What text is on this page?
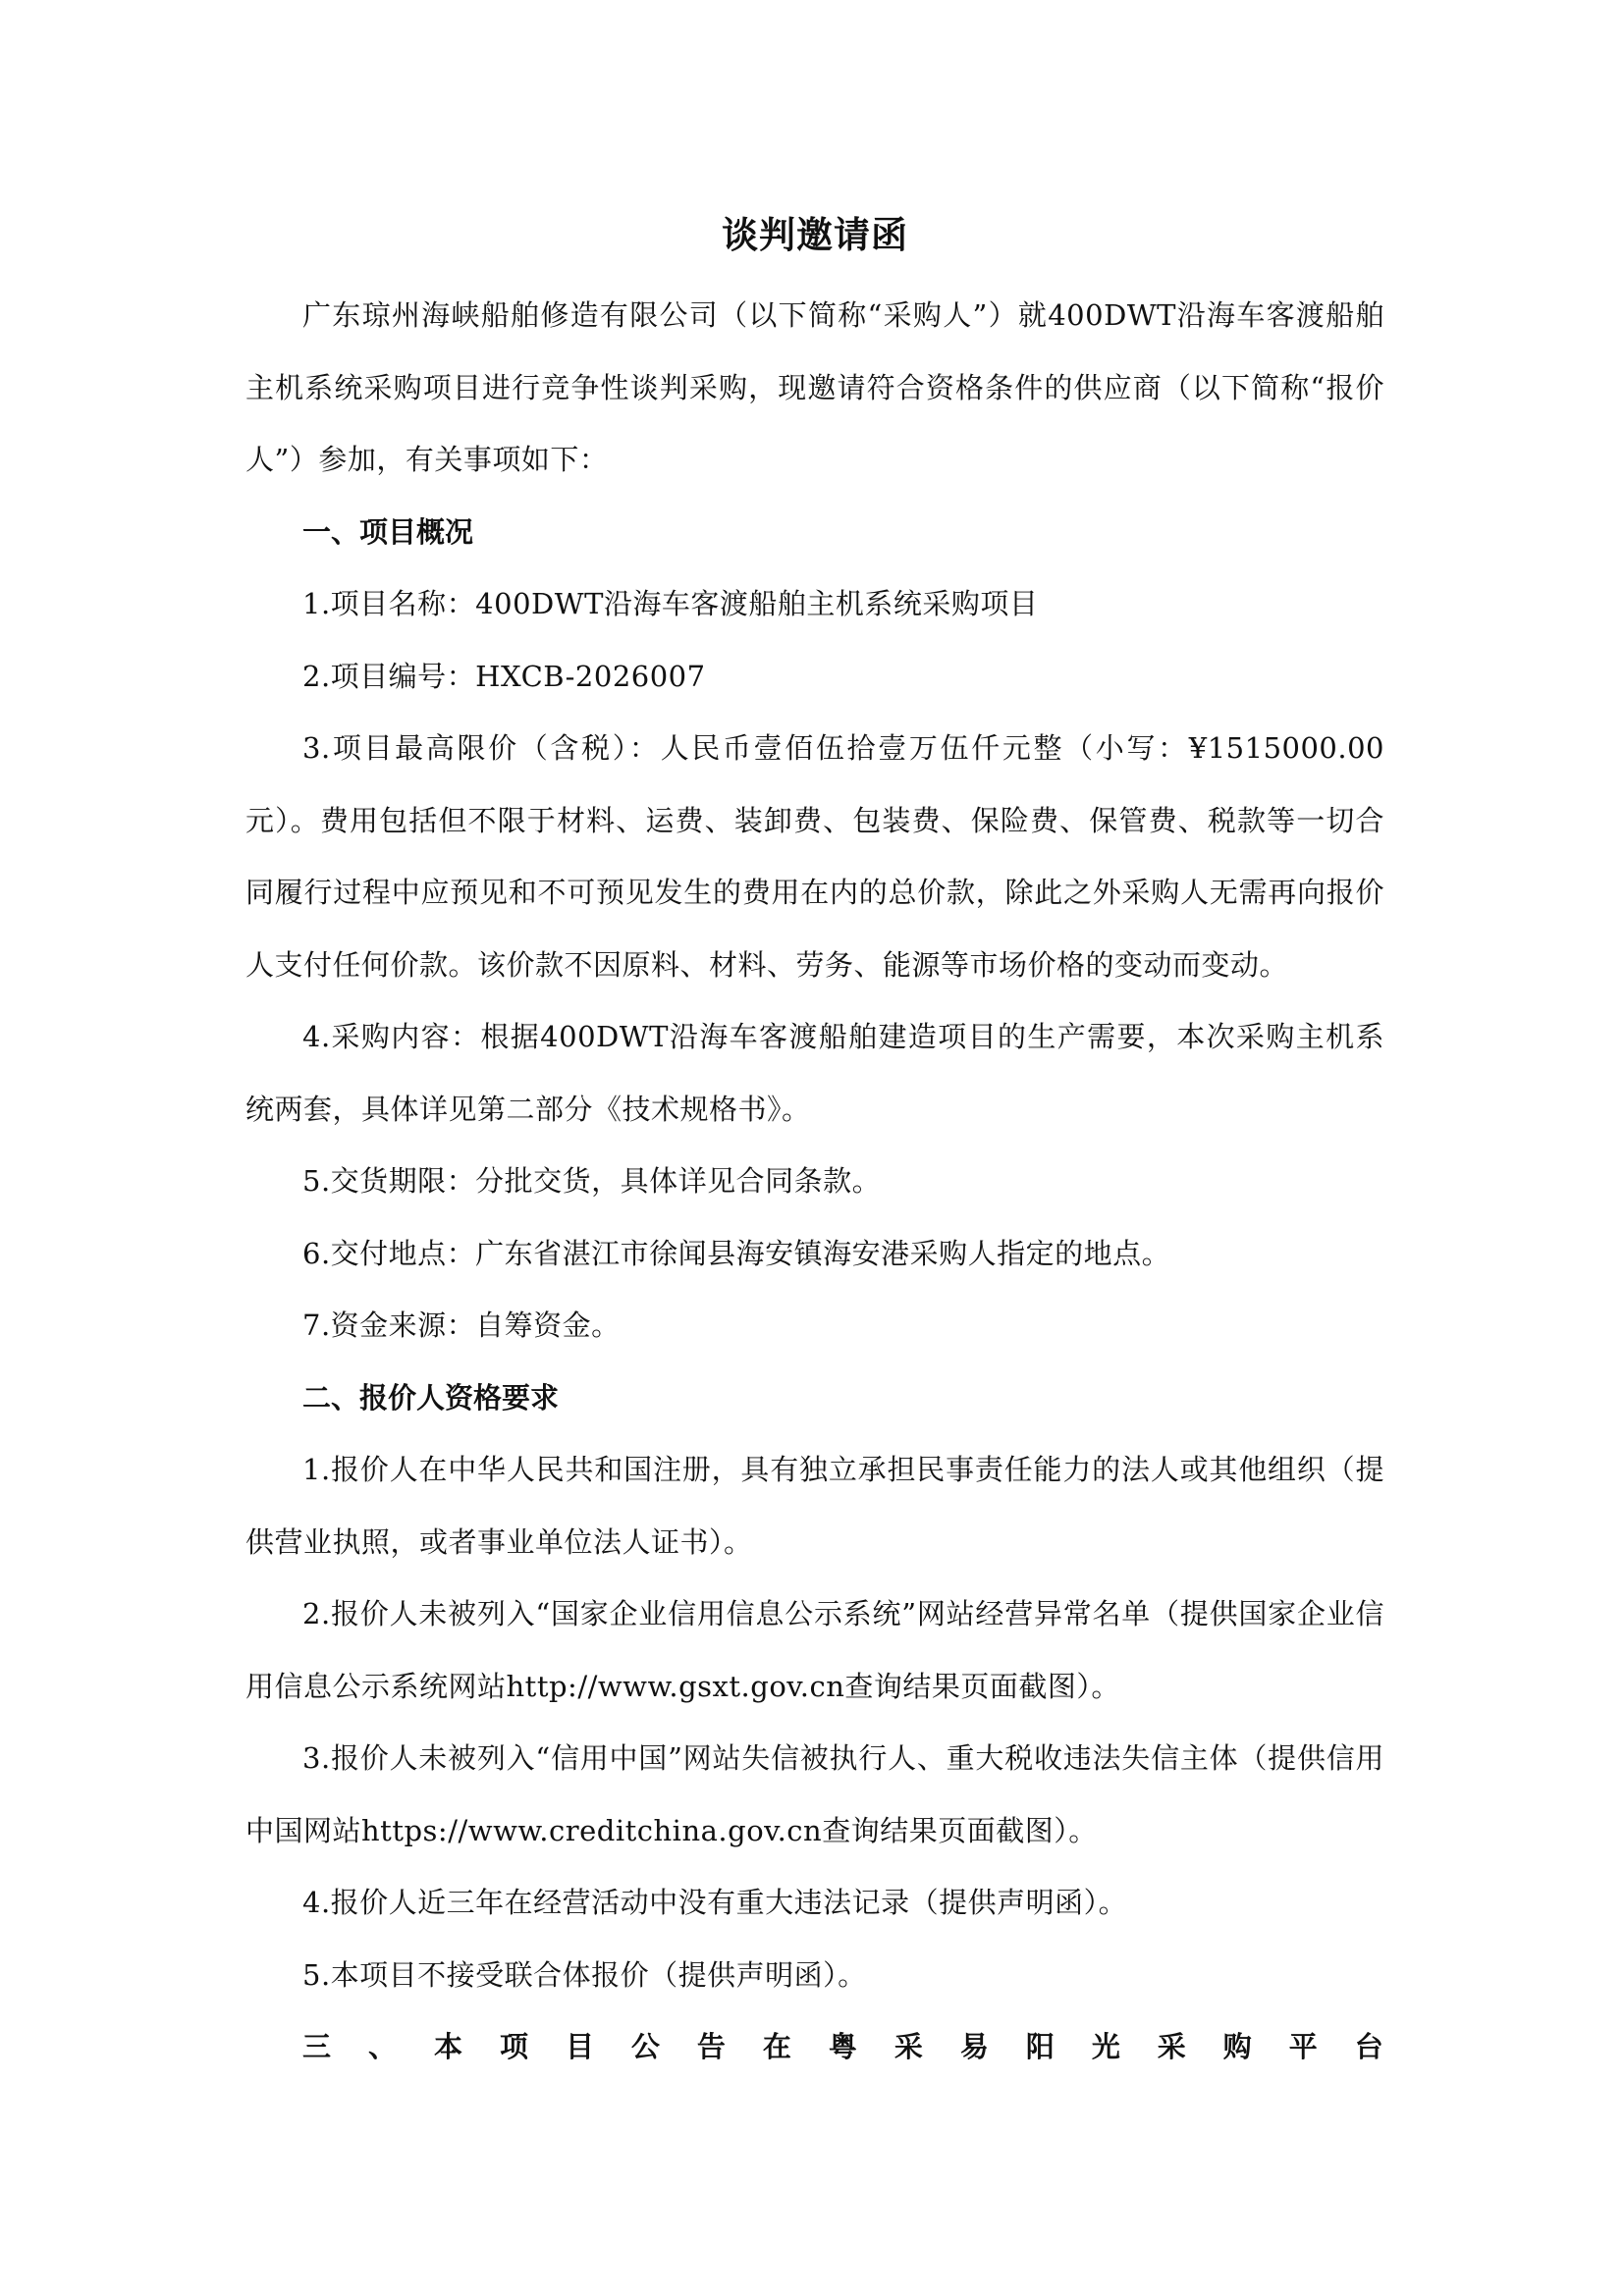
谈判邀请函

广东琼州海峡船舶修造有限公司（以下简称“采购人”）就400DWT沿海车客渡船舶主机系统采购项目进行竞争性谈判采购，现邀请符合资格条件的供应商（以下简称“报价人”）参加，有关事项如下：

一、项目概况

1.项目名称：400DWT沿海车客渡船舶主机系统采购项目

2.项目编号：HXCB-2026007

3.项目最高限价（含税）：人民币壹佰伍拾壹万伍仟元整（小写：¥1515000.00元）。费用包括但不限于材料、运费、装卸费、包装费、保险费、保管费、税款等一切合同履行过程中应预见和不可预见发生的费用在内的总价款，除此之外采购人无需再向报价人支付任何价款。该价款不因原料、材料、劳务、能源等市场价格的变动而变动。

4.采购内容：根据400DWT沿海车客渡船舶建造项目的生产需要，本次采购主机系统两套，具体详见第二部分《技术规格书》。

5.交货期限：分批交货，具体详见合同条款。

6.交付地点：广东省湛江市徐闻县海安镇海安港采购人指定的地点。

7.资金来源：自筹资金。

二、报价人资格要求

1.报价人在中华人民共和国注册，具有独立承担民事责任能力的法人或其他组织（提供营业执照，或者事业单位法人证书）。

2.报价人未被列入“国家企业信用信息公示系统”网站经营异常名单（提供国家企业信用信息公示系统网站http://www.gsxt.gov.cn查询结果页面截图）。

3.报价人未被列入“信用中国”网站失信被执行人、重大税收违法失信主体（提供信用中国网站https://www.creditchina.gov.cn查询结果页面截图）。

4.报价人近三年在经营活动中没有重大违法记录（提供声明函）。

5.本项目不接受联合体报价（提供声明函）。

三 、 本 项 目 公 告 在 粤 采 易 阳 光 采 购 平 台
